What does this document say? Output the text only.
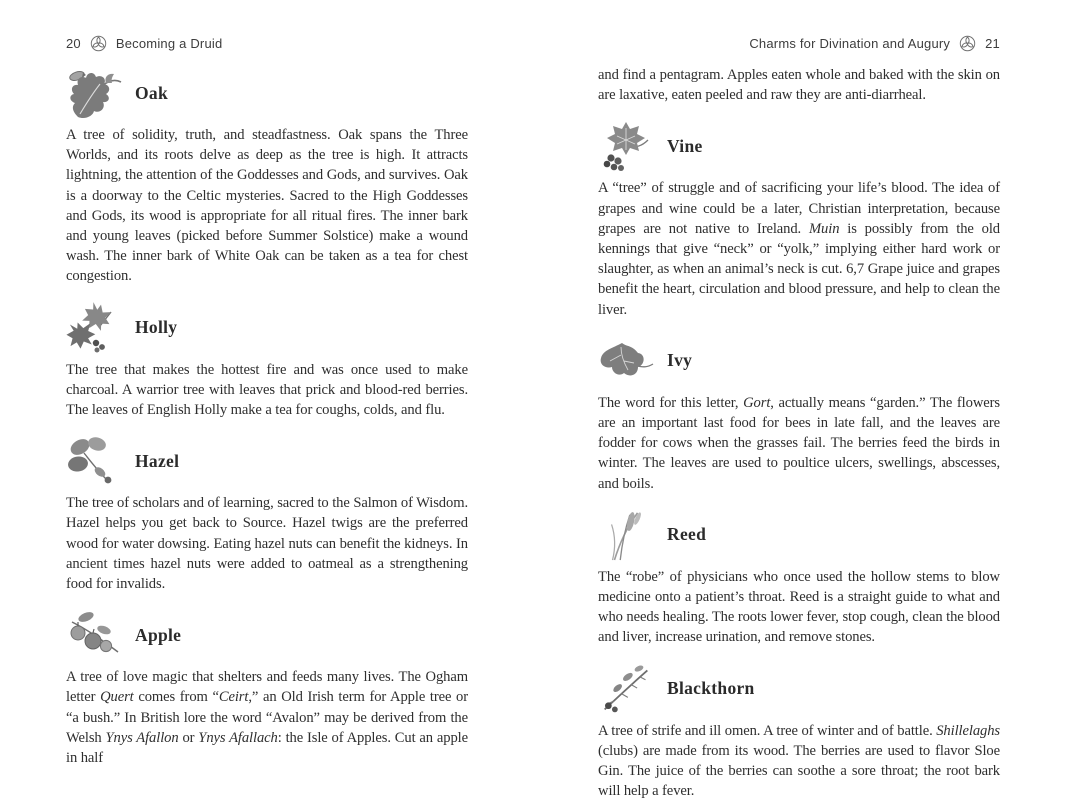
20	Becoming a Druid
Oak

A tree of solidity, truth, and steadfastness. Oak spans the Three Worlds, and its roots delve as deep as the tree is high. It attracts lightning, the attention of the Goddesses and Gods, and survives. Oak is a doorway to the Celtic mysteries. Sacred to the High Goddesses and Gods, its wood is appropriate for all ritual fires. The inner bark and young leaves (picked before Summer Solstice) make a wound wash. The inner bark of White Oak can be taken as a tea for chest congestion.

Holly

The tree that makes the hottest fire and was once used to make charcoal. A warrior tree with leaves that prick and blood-red berries. The leaves of English Holly make a tea for coughs, colds, and flu.

Hazel

The tree of scholars and of learning, sacred to the Salmon of Wisdom. Hazel helps you get back to Source. Hazel twigs are the preferred wood for water dowsing. Eating hazel nuts can benefit the kidneys. In ancient times hazel nuts were added to oatmeal as a strengthening food for invalids.

Apple

A tree of love magic that shelters and feeds many lives. The Ogham letter Quert comes from “Ceirt,” an Old Irish term for Apple tree or “a bush.” In British lore the word “Avalon” may be derived from the Welsh Ynys Afallon or Ynys Afallach: the Isle of Apples. Cut an apple in half

Charms for Divination and Augury	21

and find a pentagram. Apples eaten whole and baked with the skin on are laxative, eaten peeled and raw they are anti-diarrheal.

Vine

A “tree” of struggle and of sacrificing your life’s blood. The idea of grapes and wine could be a later, Christian interpretation, because grapes are not native to Ireland. Muin is possibly from the old kennings that give “neck” or “yolk,” implying either hard work or slaughter, as when an animal’s neck is cut. 6,7 Grape juice and grapes benefit the heart, circulation and blood pressure, and help to clean the liver.

Ivy

The word for this letter, Gort, actually means “garden.” The flowers are an important last food for bees in late fall, and the leaves are fodder for cows when the grasses fail. The berries feed the birds in winter. The leaves are used to poultice ulcers, swellings, abscesses, and boils.

Reed

The “robe” of physicians who once used the hollow stems to blow medicine onto a patient’s throat. Reed is a straight guide to what and who needs healing. The roots lower fever, stop cough, clean the blood and liver, increase urination, and remove stones.

Blackthorn

A tree of strife and ill omen. A tree of winter and of battle. Shillelaghs (clubs) are made from its wood. The berries are used to flavor Sloe Gin. The juice of the berries can soothe a sore throat; the root bark will help a fever.
